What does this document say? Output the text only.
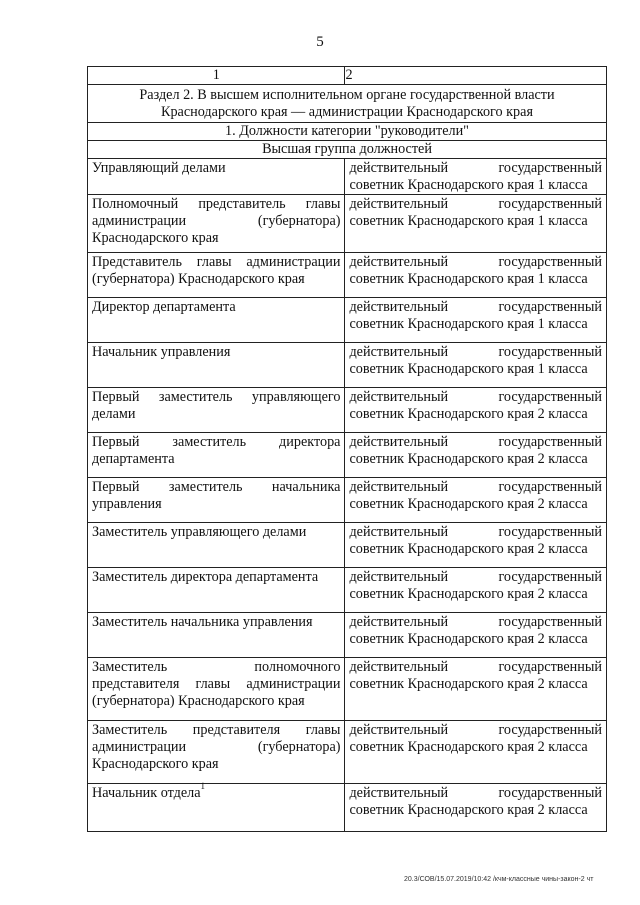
5
1	2
Раздел 2. В высшем исполнительном органе государственной власти Краснодарского края — администрации Краснодарского края	
1. Должности категории "руководители"	
Высшая группа должностей	
Управляющий делами	действительный государственный советник Краснодарского края 1 класса
Полномочный представитель главы администрации (губернатора) Краснодарского края	действительный государственный советник Краснодарского края 1 класса
Представитель главы администрации (губернатора) Краснодарского края	действительный государственный советник Краснодарского края 1 класса
Директор департамента	действительный государственный советник Краснодарского края 1 класса
Начальник управления	действительный государственный советник Краснодарского края 1 класса
Первый заместитель управляющего делами	действительный государственный советник Краснодарского края 2 класса
Первый заместитель директора департамента	действительный государственный советник Краснодарского края 2 класса
Первый заместитель начальника управления	действительный государственный советник Краснодарского края 2 класса
Заместитель управляющего делами	действительный государственный советник Краснодарского края 2 класса
Заместитель директора департамента	действительный государственный советник Краснодарского края 2 класса
Заместитель начальника управления	действительный государственный советник Краснодарского края 2 класса
Заместитель полномочного представителя главы администрации (губернатора) Краснодарского края	действительный государственный советник Краснодарского края 2 класса
Заместитель представителя главы администрации (губернатора) Краснодарского края	действительный государственный советник Краснодарского края 2 класса
Начальник отдела$^1$	действительный государственный советник Краснодарского края 2 класса
20.3/СОВ/15.07.2019/10:42 /кчм-классные чины-закон-2 чт
